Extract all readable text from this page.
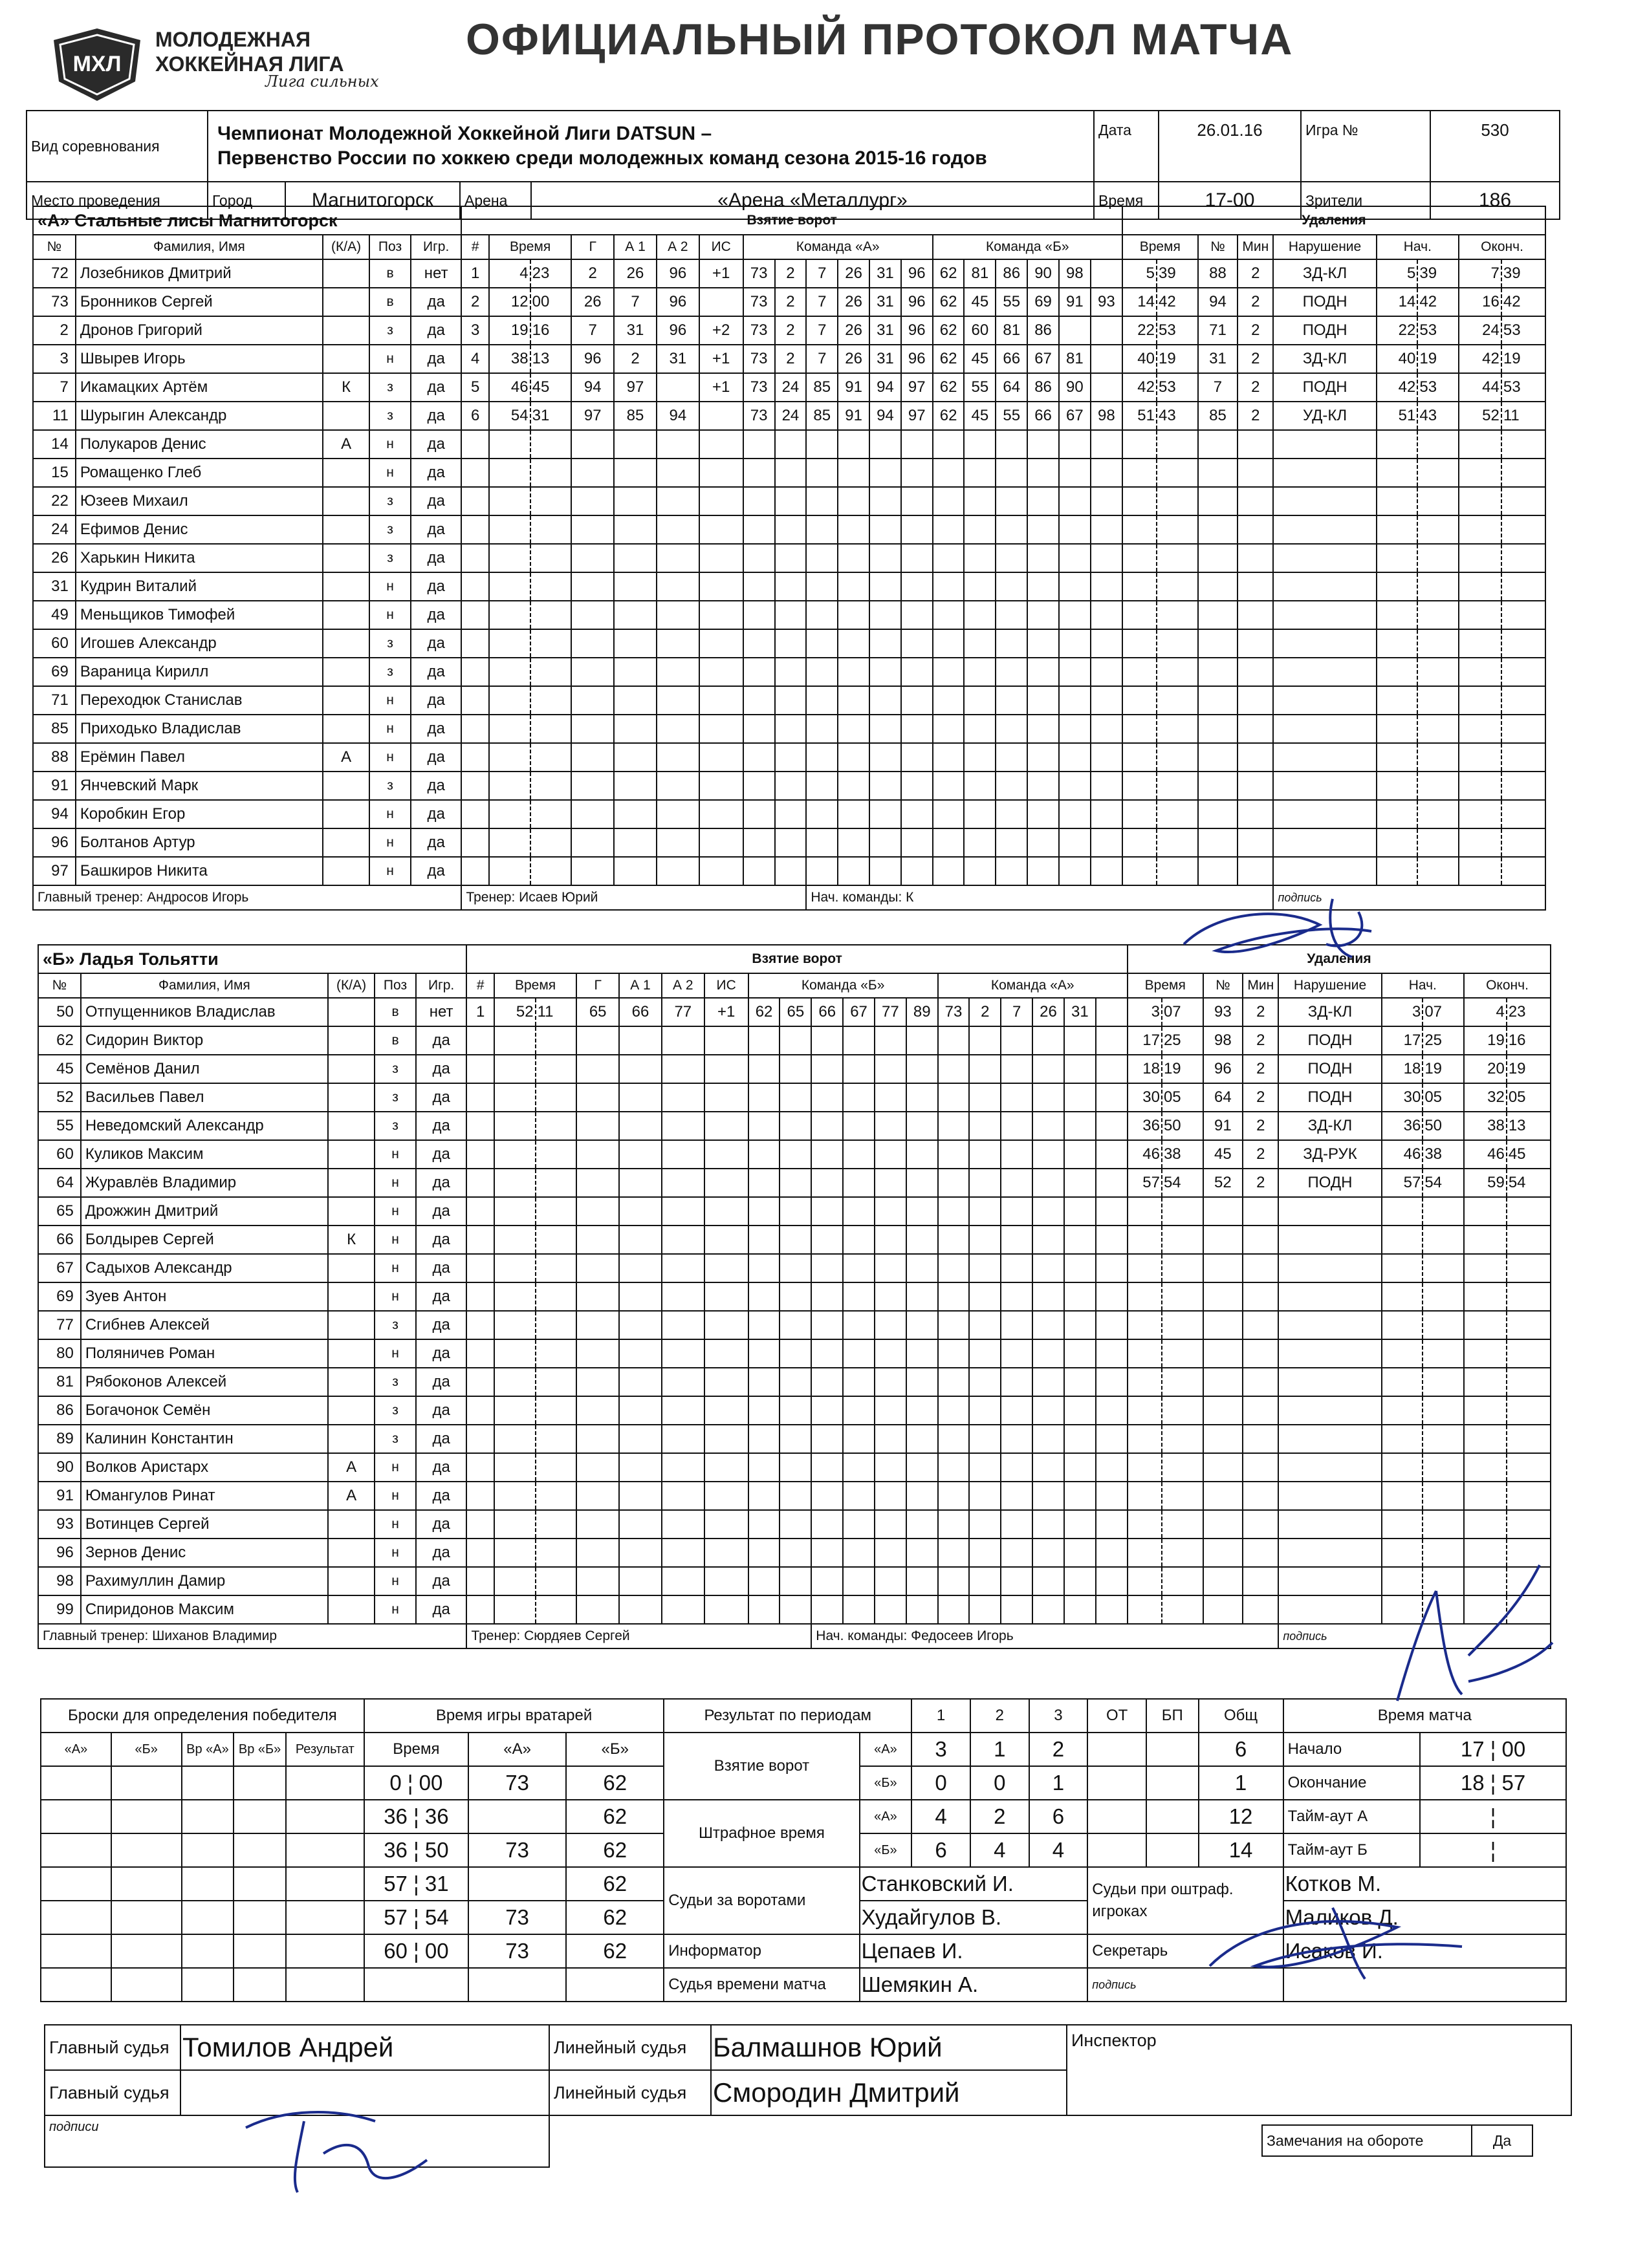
МХЛ
МОЛОДЕЖНАЯ
ХОККЕЙНАЯ ЛИГА
Лига сильных
ОФИЦИАЛЬНЫЙ ПРОТОКОЛ МАТЧА
Вид соревнования	Чемпионат Молодежной Хоккейной Лиги DATSUN –
Первенство России по хоккею среди молодежных команд сезона 2015-16 годов				Дата	26.01.16	Игра №	530
Место проведения	Город	Магнитогорск	Арена	«Арена «Металлург»	Время	17-00	Зрители	186
«А» Стальные лисы Магнитогорск					Взятие ворот																			Удаления								
№	Фамилия, Имя	(К/А)	Поз	Игр.	#	Время		Г	А 1	А 2	ИС	Команда «А»						Команда «Б»						Время		№	Мин	Нарушение	Нач.		Оконч.	
72	Лозебников Дмитрий		в	нет	1	4	23	2	26	96	+1	73	2	7	26	31	96	62	81	86	90	98		5	39	88	2	ЗД-КЛ	5	39	7	39
73	Бронников Сергей		в	да	2	12	00	26	7	96		73	2	7	26	31	96	62	45	55	69	91	93	14	42	94	2	ПОДН	14	42	16	42
2	Дронов Григорий		з	да	3	19	16	7	31	96	+2	73	2	7	26	31	96	62	60	81	86			22	53	71	2	ПОДН	22	53	24	53
3	Швырев Игорь		н	да	4	38	13	96	2	31	+1	73	2	7	26	31	96	62	45	66	67	81		40	19	31	2	ЗД-КЛ	40	19	42	19
7	Икамацких Артём	К	з	да	5	46	45	94	97		+1	73	24	85	91	94	97	62	55	64	86	90		42	53	7	2	ПОДН	42	53	44	53
11	Шурыгин Александр		з	да	6	54	31	97	85	94		73	24	85	91	94	97	62	45	55	66	67	98	51	43	85	2	УД-КЛ	51	43	52	11
14	Полукаров Денис	А	н	да																												
15	Ромащенко Глеб		н	да																												
22	Юзеев Михаил		з	да																												
24	Ефимов Денис		з	да																												
26	Харькин Никита		з	да																												
31	Кудрин Виталий		н	да																												
49	Меньщиков Тимофей		н	да																												
60	Игошев Александр		з	да																												
69	Вараница Кирилл		з	да																												
71	Переходюк Станислав		н	да																												
85	Приходько Владислав		н	да																												
88	Ерёмин Павел	А	н	да																												
91	Янчевский Марк		з	да																												
94	Коробкин Егор		н	да																												
96	Болтанов Артур		н	да																												
97	Башкиров Никита		н	да																												
Главный тренер: Андросов Игорь					Тренер: Исаев Юрий									Нач. команды: К														подпись				
«Б» Ладья Тольятти					Взятие ворот																			Удаления								
№	Фамилия, Имя	(К/А)	Поз	Игр.	#	Время		Г	А 1	А 2	ИС	Команда «Б»						Команда «А»						Время		№	Мин	Нарушение	Нач.		Оконч.	
50	Отпущенников Владислав		в	нет	1	52	11	65	66	77	+1	62	65	66	67	77	89	73	2	7	26	31		3	07	93	2	ЗД-КЛ	3	07	4	23
62	Сидорин Виктор		в	да																				17	25	98	2	ПОДН	17	25	19	16
45	Семёнов Данил		з	да																				18	19	96	2	ПОДН	18	19	20	19
52	Васильев Павел		з	да																				30	05	64	2	ПОДН	30	05	32	05
55	Неведомский Александр		з	да																				36	50	91	2	ЗД-КЛ	36	50	38	13
60	Куликов Максим		н	да																				46	38	45	2	ЗД-РУК	46	38	46	45
64	Журавлёв Владимир		н	да																				57	54	52	2	ПОДН	57	54	59	54
65	Дрожжин Дмитрий		н	да																												
66	Болдырев Сергей	К	н	да																												
67	Садыхов Александр		н	да																												
69	Зуев Антон		н	да																												
77	Сгибнев Алексей		з	да																												
80	Поляничев Роман		н	да																												
81	Рябоконов Алексей		з	да																												
86	Богачонок Семён		з	да																												
89	Калинин Константин		з	да																												
90	Волков Аристарх	А	н	да																												
91	Юмангулов Ринат	А	н	да																												
93	Вотинцев Сергей		н	да																												
96	Зернов Денис		н	да																												
98	Рахимуллин Дамир		н	да																												
99	Спиридонов Максим		н	да																												
Главный тренер: Шиханов Владимир					Тренер: Сюрдяев Сергей									Нач. команды: Федосеев Игорь														подпись				
Броски для определения победителя					Время игры вратарей			Результат по периодам		1	2	3	ОТ	БП	Общ	Время матча	
«А»	«Б»	Вр «А»	Вр «Б»	Результат	Время	«А»	«Б»	Взятие ворот	«А»	3	1	2			6	Начало	17 ¦ 00
					0 ¦ 00	73	62		«Б»	0	0	1			1	Окончание	18 ¦ 57
					36 ¦ 36		62	Штрафное время	«А»	4	2	6			12	Тайм-аут А	¦
					36 ¦ 50	73	62		«Б»	6	4	4			14	Тайм-аут Б	¦
					57 ¦ 31		62	Судьи за воротами	Станковский И.				Судьи при оштраф. игроках			Котков М.	
					57 ¦ 54	73	62		Худайгулов В.							Маликов Д.	
					60 ¦ 00	73	62	Информатор	Цепаев И.				Секретарь			Исаков И.	
								Судья времени матча	Шемякин А.				подпись				
Главный судья	Томилов Андрей	Линейный судья	Балмашнов Юрий	Инспектор
Главный судья		Линейный судья	Смородин Дмитрий	
подписи				
Замечания на обороте	Да
